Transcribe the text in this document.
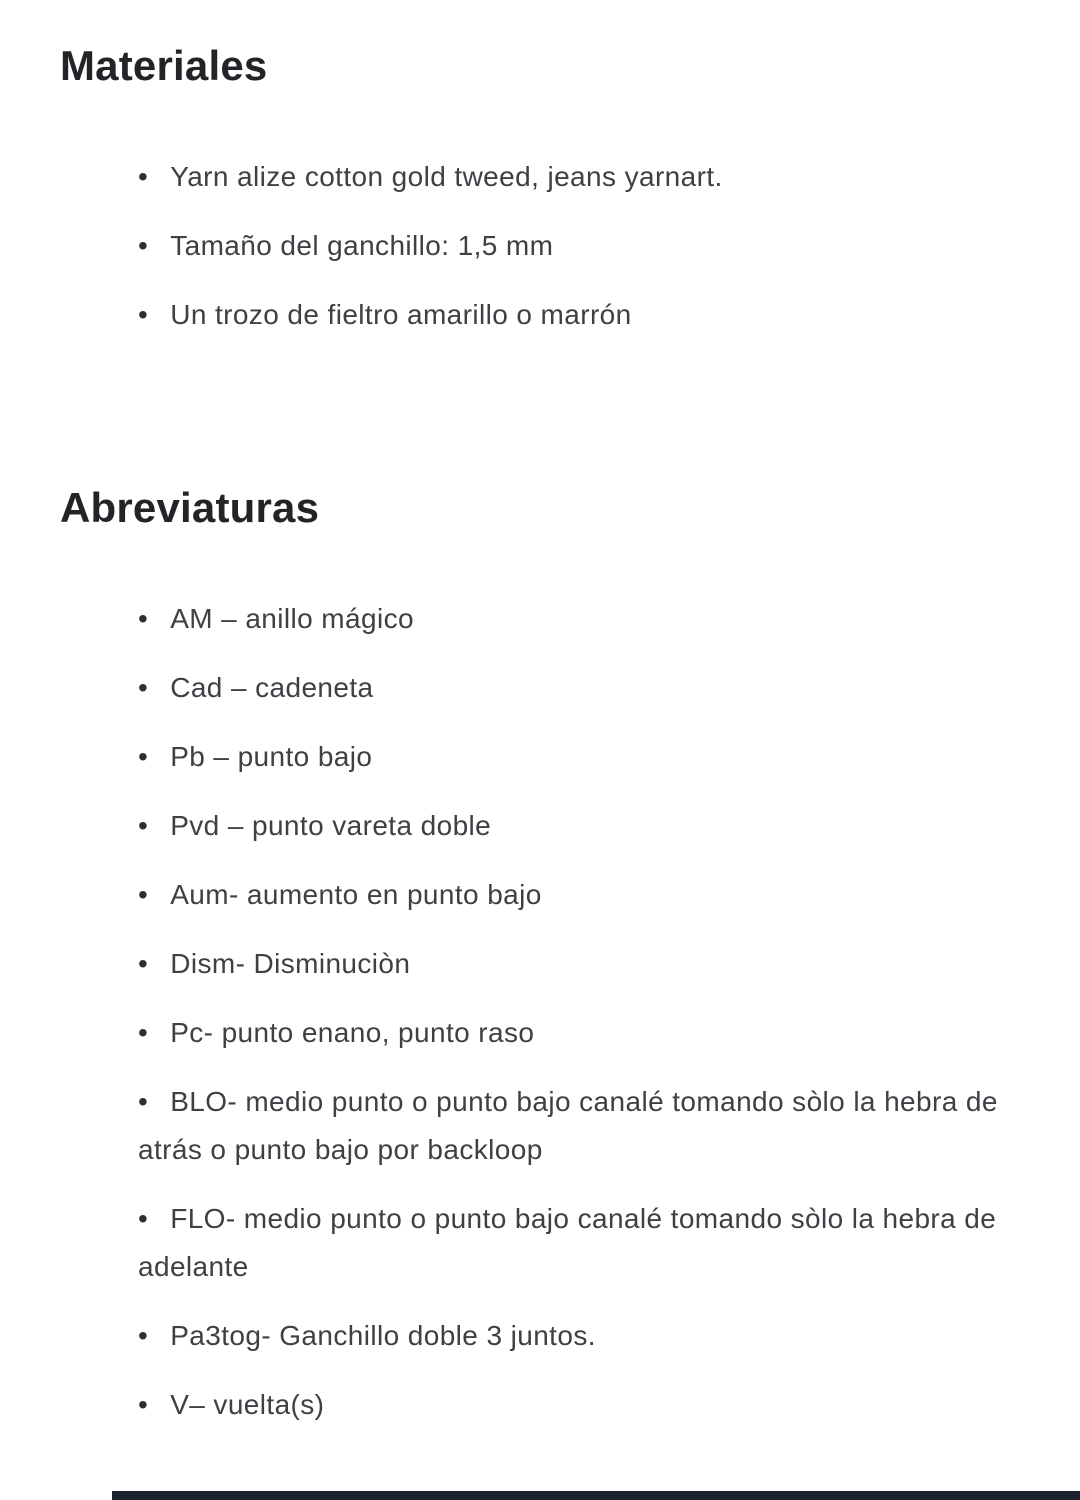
Materiales
• Yarn alize cotton gold tweed, jeans yarnart.
• Tamaño del ganchillo: 1,5 mm
• Un trozo de fieltro amarillo o marrón
Abreviaturas
• AM – anillo mágico
• Cad – cadeneta
• Pb – punto bajo
• Pvd – punto vareta doble
• Aum- aumento en punto bajo
• Dism- Disminuciòn
• Pc- punto enano, punto raso
• BLO- medio punto o punto bajo canalé tomando sòlo la hebra de atrás o punto bajo por backloop
• FLO- medio punto o punto bajo canalé tomando sòlo la hebra de adelante
• Pa3tog- Ganchillo doble 3 juntos.
• V– vuelta(s)
